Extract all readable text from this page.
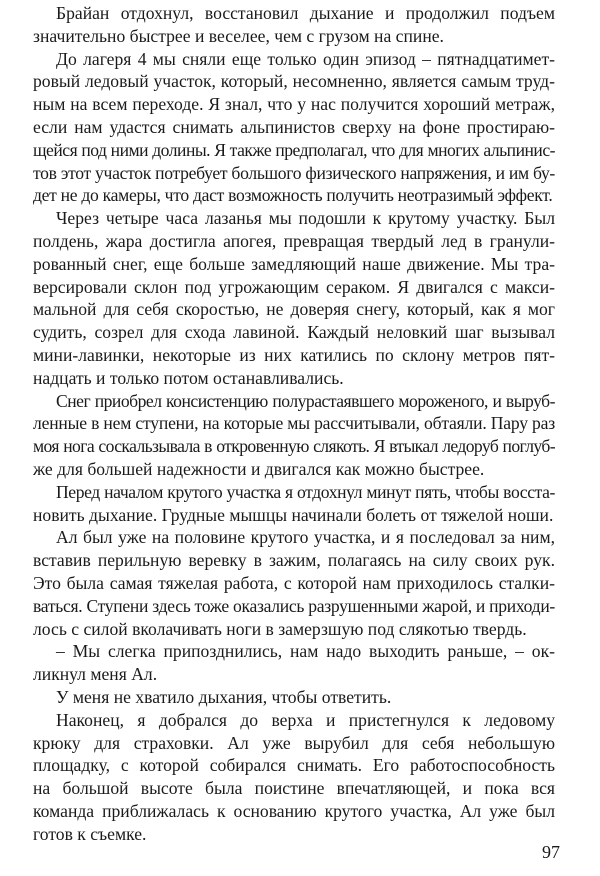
Брайан отдохнул, восстановил дыхание и продолжил подъем
значительно быстрее и веселее, чем с грузом на спине.
До лагеря 4 мы сняли еще только один эпизод – пятнадцатимет-
ровый ледовый участок, который, несомненно, является самым труд-
ным на всем переходе. Я знал, что у нас получится хороший метраж,
если нам удастся снимать альпинистов сверху на фоне простираю-
щейся под ними долины. Я также предполагал, что для многих альпинис-
тов этот участок потребует большого физического напряжения, и им бу-
дет не до камеры, что даст возможность получить неотразимый эффект.
Через четыре часа лазанья мы подошли к крутому участку. Был
полдень, жара достигла апогея, превращая твердый лед в гранули-
рованный снег, еще больше замедляющий наше движение. Мы тра-
версировали склон под угрожающим сераком. Я двигался с макси-
мальной для себя скоростью, не доверяя снегу, который, как я мог
судить, созрел для схода лавиной. Каждый неловкий шаг вызывал
мини-лавинки, некоторые из них катились по склону метров пят-
надцать и только потом останавливались.
Снег приобрел консистенцию полурастаявшего мороженого, и выруб-
ленные в нем ступени, на которые мы рассчитывали, обтаяли. Пару раз
моя нога соскальзывала в откровенную слякоть. Я втыкал ледоруб поглуб-
же для большей надежности и двигался как можно быстрее.
Перед началом крутого участка я отдохнул минут пять, чтобы восста-
новить дыхание. Грудные мышцы начинали болеть от тяжелой ноши.
Ал был уже на половине крутого участка, и я последовал за ним,
вставив перильную веревку в зажим, полагаясь на силу своих рук.
Это была самая тяжелая работа, с которой нам приходилось сталки-
ваться. Ступени здесь тоже оказались разрушенными жарой, и приходи-
лось с силой вколачивать ноги в замерзшую под слякотью твердь.
– Мы слегка припозднились, нам надо выходить раньше, – ок-
ликнул меня Ал.
У меня не хватило дыхания, чтобы ответить.
Наконец, я добрался до верха и пристегнулся к ледовому
крюку для страховки. Ал уже вырубил для себя небольшую
площадку, с которой собирался снимать. Его работоспособность
на большой высоте была поистине впечатляющей, и пока вся
команда приближалась к основанию крутого участка, Ал уже был
готов к съемке.
97
